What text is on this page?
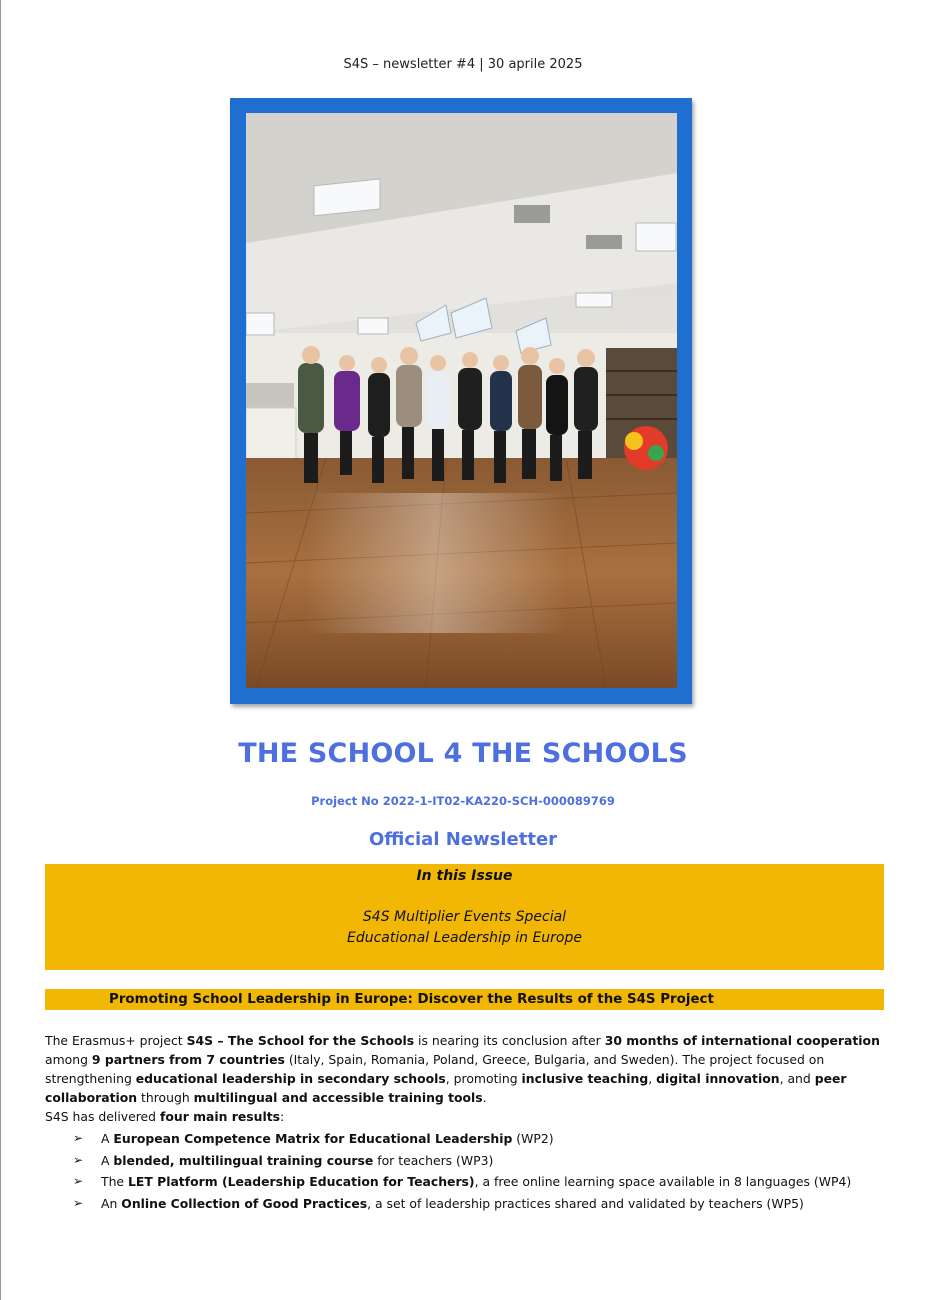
S4S – newsletter #4 | 30 aprile 2025
THE SCHOOL 4 THE SCHOOLS
Project No 2022-1-IT02-KA220-SCH-000089769
Official Newsletter
In this Issue
S4S Multiplier Events Special
Educational Leadership in Europe
Promoting School Leadership in Europe: Discover the Results of the S4S Project

The Erasmus+ project S4S – The School for the Schools is nearing its conclusion after 30 months of international cooperation among 9 partners from 7 countries (Italy, Spain, Romania, Poland, Greece, Bulgaria, and Sweden). The project focused on strengthening educational leadership in secondary schools, promoting inclusive teaching, digital innovation, and peer collaboration through multilingual and accessible training tools.

S4S has delivered four main results:

➢ A European Competence Matrix for Educational Leadership (WP2)
➢ A blended, multilingual training course for teachers (WP3)
➢ The LET Platform (Leadership Education for Teachers), a free online learning space available in 8 languages (WP4)
➢ An Online Collection of Good Practices, a set of leadership practices shared and validated by teachers (WP5)
